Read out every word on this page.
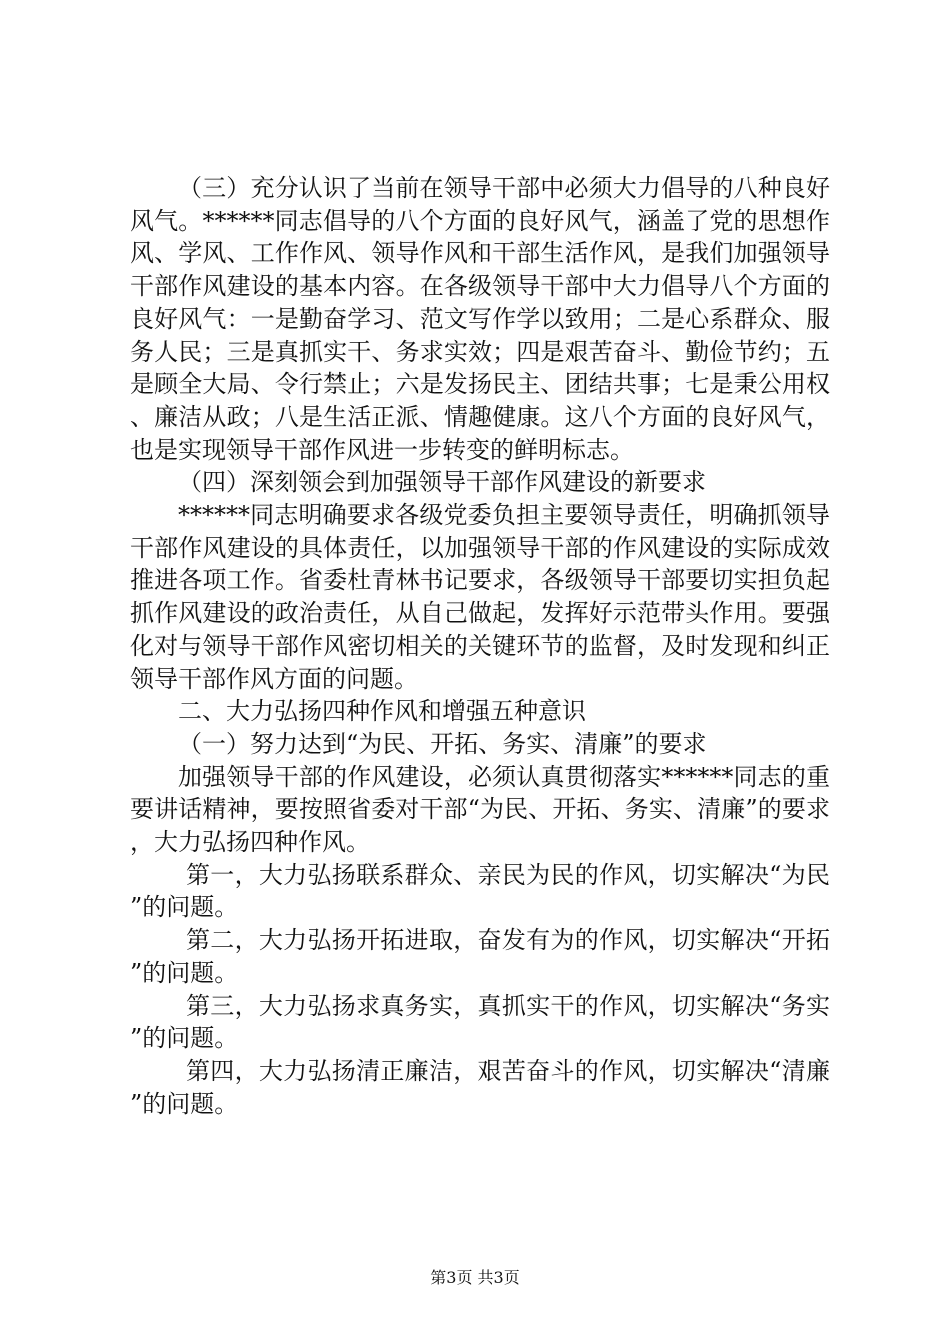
（三）充分认识了当前在领导干部中必须大力倡导的八种良好风气。******同志倡导的八个方面的良好风气，涵盖了党的思想作风、学风、工作作风、领导作风和干部生活作风，是我们加强领导干部作风建设的基本内容。在各级领导干部中大力倡导八个方面的良好风气：一是勤奋学习、范文写作学以致用；二是心系群众、服务人民；三是真抓实干、务求实效；四是艰苦奋斗、勤俭节约；五是顾全大局、令行禁止；六是发扬民主、团结共事；七是秉公用权、廉洁从政；八是生活正派、情趣健康。这八个方面的良好风气，也是实现领导干部作风进一步转变的鲜明标志。

（四）深刻领会到加强领导干部作风建设的新要求

******同志明确要求各级党委负担主要领导责任，明确抓领导干部作风建设的具体责任，以加强领导干部的作风建设的实际成效推进各项工作。省委杜青林书记要求，各级领导干部要切实担负起抓作风建设的政治责任，从自己做起，发挥好示范带头作用。要强化对与领导干部作风密切相关的关键环节的监督，及时发现和纠正领导干部作风方面的问题。

二、大力弘扬四种作风和增强五种意识

（一）努力达到“为民、开拓、务实、清廉”的要求

加强领导干部的作风建设，必须认真贯彻落实******同志的重要讲话精神，要按照省委对干部“为民、开拓、务实、清廉”的要求，大力弘扬四种作风。

第一，大力弘扬联系群众、亲民为民的作风，切实解决“为民”的问题。

第二，大力弘扬开拓进取，奋发有为的作风，切实解决“开拓”的问题。

第三，大力弘扬求真务实，真抓实干的作风，切实解决“务实”的问题。

第四，大力弘扬清正廉洁，艰苦奋斗的作风，切实解决“清廉”的问题。

第3页 共3页
